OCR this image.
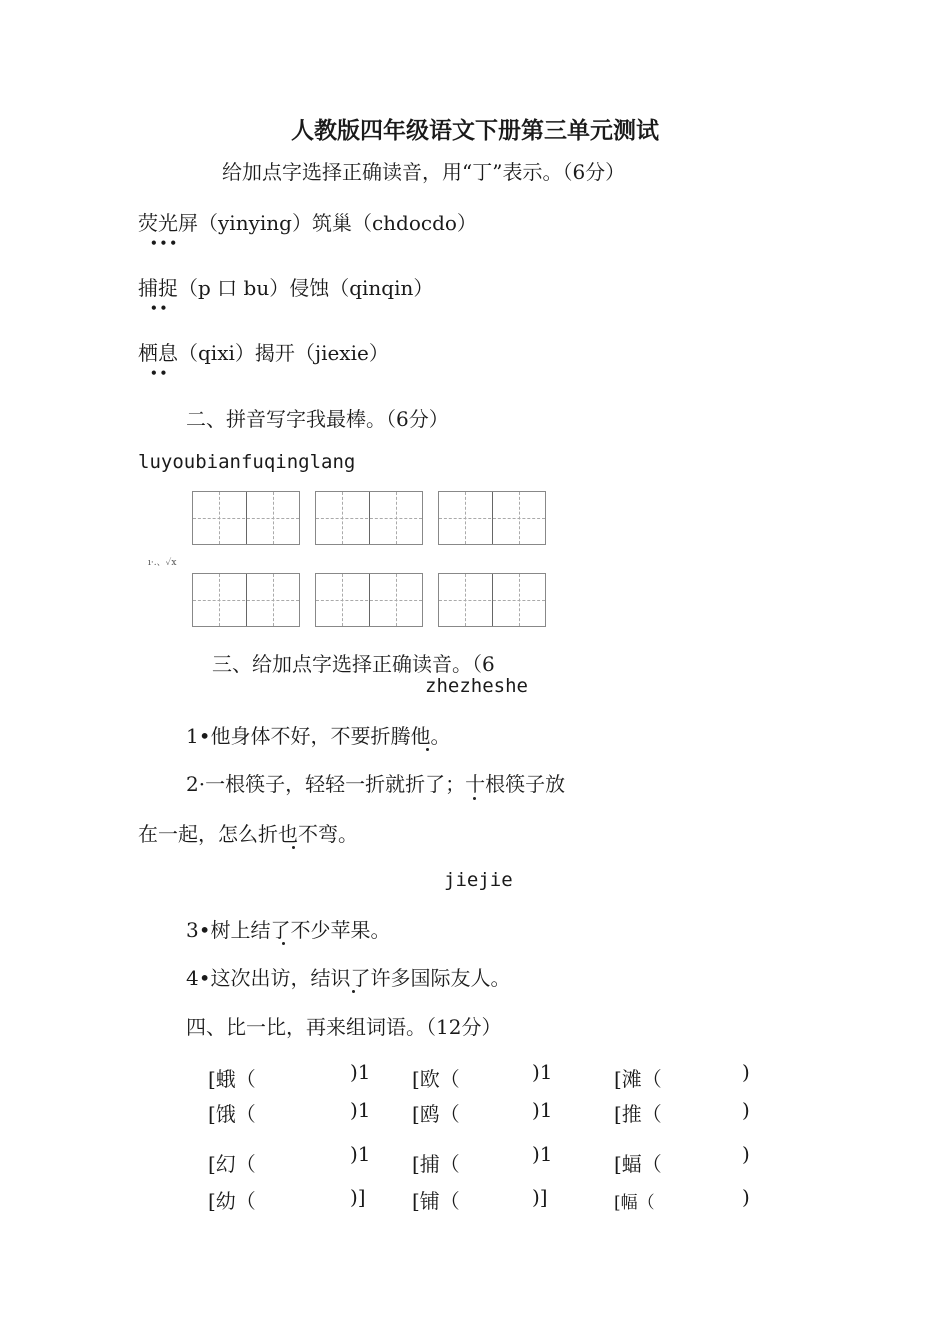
人教版四年级语文下册第三单元测试
给加点字选择正确读音，用“丁”表示。（6分）
荧光屏（yinying）筑巢（chdocdo）
•••
捕捉（p 口 bu）侵蚀（qinqin）
••
栖息（qixi）揭开（jiexie）
••
二、拼音写字我最棒。（6分）
luyoubianfuqinglang
ı·.、✓x
三、给加点字选择正确读音。（6
zhezheshe
1•他身体不好，不要折腾他。
2·一根筷子，轻轻一折就折了；十根筷子放
在一起，怎么折也不弯。
jiejie
3•树上结了不少苹果。
4•这次出访，结识了许多国际友人。
四、比一比，再来组词语。（12分）
[蛾（	)1 [欧（	)1	[滩（	)
[饿（	)1 [鸥（	)1	[推（	)
[幻（	)1 [捕（	)1	[蝠（	)
[幼（	)] [铺（	)]	[幅（	)
